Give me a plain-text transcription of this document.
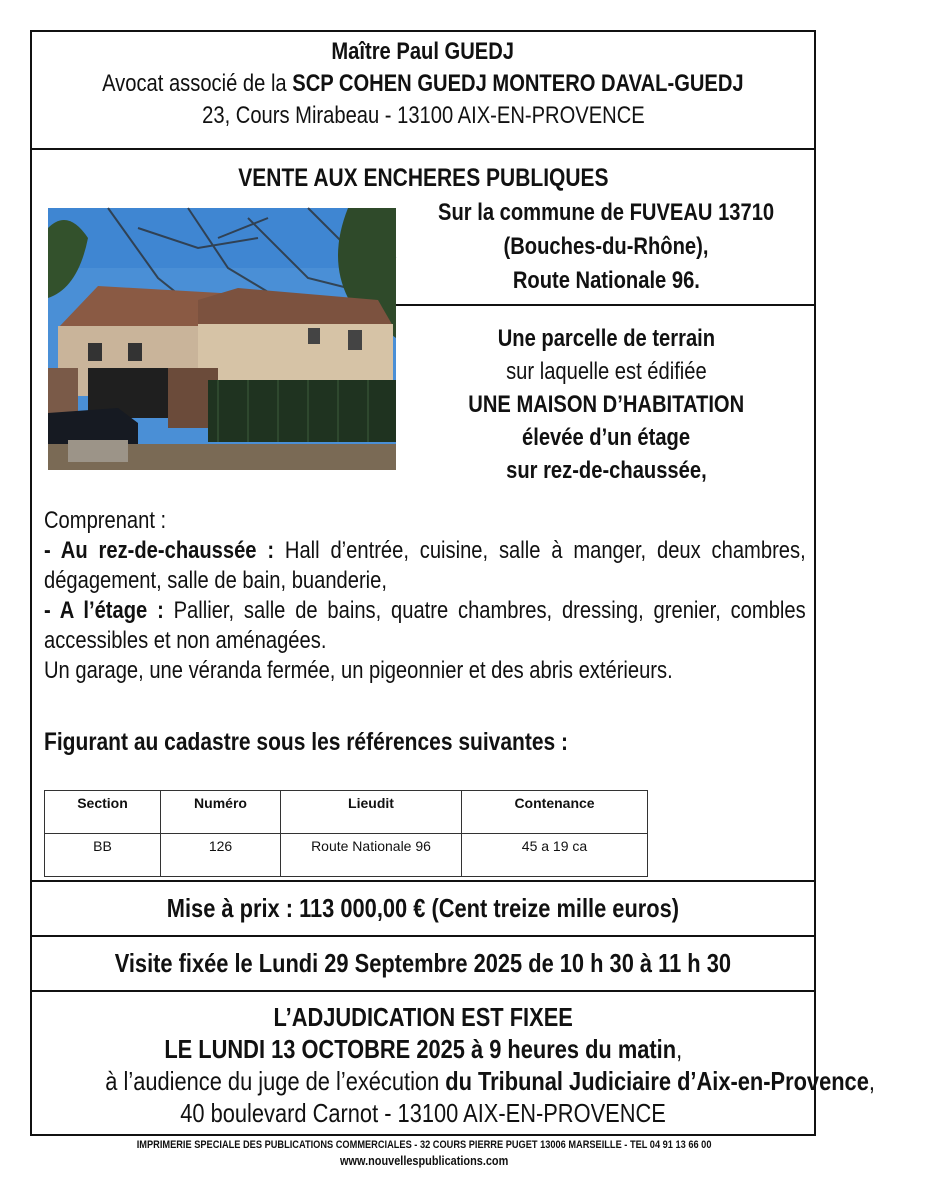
Maître Paul GUEDJ
Avocat associé de la SCP COHEN GUEDJ MONTERO DAVAL-GUEDJ
23, Cours Mirabeau - 13100 AIX-EN-PROVENCE
VENTE AUX ENCHERES PUBLIQUES
Sur la commune de FUVEAU 13710
(Bouches-du-Rhône),
Route Nationale 96.
Une parcelle de terrain
sur laquelle est édifiée
UNE MAISON D’HABITATION
élevée d’un étage
sur rez-de-chaussée,

Comprenant :

- Au rez-de-chaussée : Hall d’entrée, cuisine, salle à manger, deux chambres, dégagement, salle de bain, buanderie,

- A l’étage : Pallier, salle de bains, quatre chambres, dressing, grenier, combles accessibles et non aménagées.

Un garage, une véranda fermée, un pigeonnier et des abris extérieurs.

Figurant au cadastre sous les références suivantes :
Section	Numéro	Lieudit	Contenance
BB	126	Route Nationale 96	45 a 19 ca
Mise à prix : 113 000,00 € (Cent treize mille euros)
Visite fixée le Lundi 29 Septembre 2025 de 10 h 30 à 11 h 30
L’ADJUDICATION EST FIXEE
LE LUNDI 13 OCTOBRE 2025 à 9 heures du matin,
à l’audience du juge de l’exécution du Tribunal Judiciaire d’Aix-en-Provence,
40 boulevard Carnot - 13100 AIX-EN-PROVENCE
IMPRIMERIE SPECIALE DES PUBLICATIONS COMMERCIALES - 32 COURS PIERRE PUGET 13006 MARSEILLE - TEL 04 91 13 66 00
www.nouvellespublications.com
